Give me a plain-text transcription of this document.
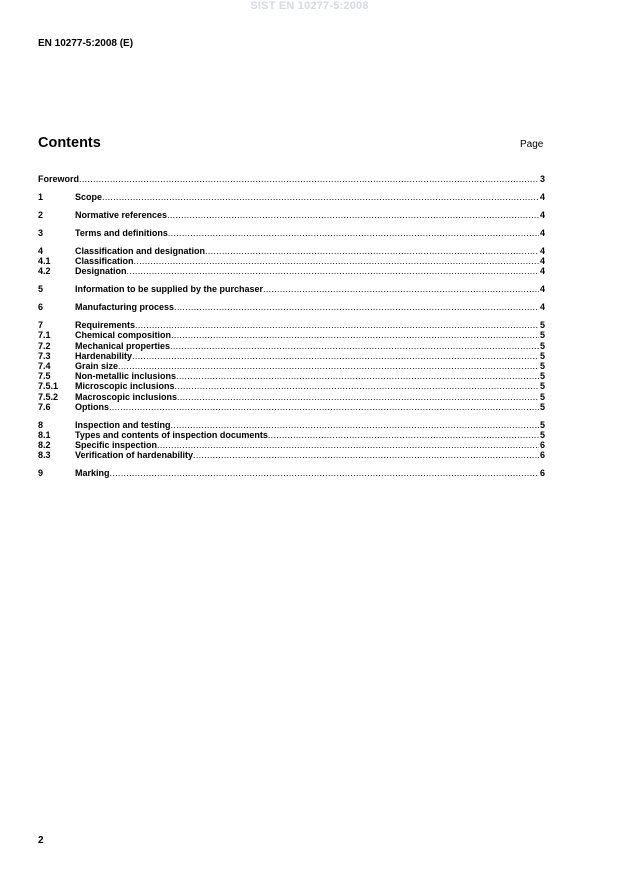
SIST EN 10277-5:2008
EN 10277-5:2008 (E)
Contents	Page
Foreword .....	3
1	Scope .....	4
2	Normative references .....	4
3	Terms and definitions .....	4
4	Classification and designation .....	4
4.1	Classification .....	4
4.2	Designation .....	4
5	Information to be supplied by the purchaser .....	4
6	Manufacturing process .....	4
7	Requirements .....	5
7.1	Chemical composition .....	5
7.2	Mechanical properties .....	5
7.3	Hardenability .....	5
7.4	Grain size .....	5
7.5	Non-metallic inclusions .....	5
7.5.1	Microscopic inclusions .....	5
7.5.2	Macroscopic inclusions .....	5
7.6	Options .....	5
8	Inspection and testing .....	5
8.1	Types and contents of inspection documents .....	5
8.2	Specific inspection .....	6
8.3	Verification of hardenability .....	6
9	Marking .....	6
2
